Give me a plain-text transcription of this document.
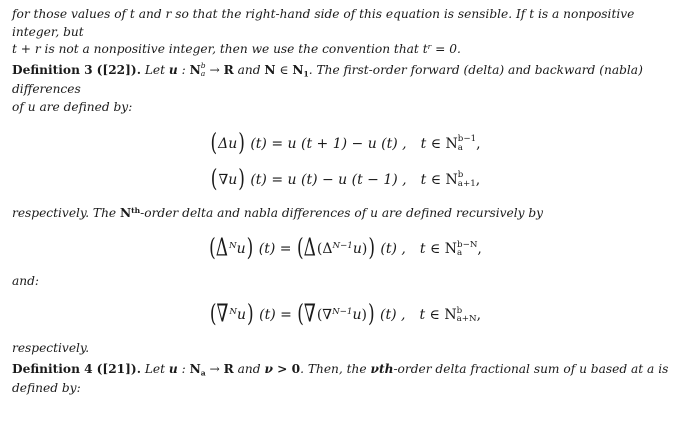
for those values of t and r so that the right-hand side of this equation is sensible. If t is a nonpositive integer, but
t + r is not a nonpositive integer, then we use the convention that $t^r = 0$.

Definition 3 ([22]). Let u : N b
a → R and N ∈ $N_1$. The first-order forward (delta) and backward (nabla) differences
of u are defined by:

(Δu) (t) = u (t + 1) − u (t) , t ∈ N b−1
a ,
(∇u) (t) = u (t) − u (t − 1) , t ∈ N b
a+1 ,

respectively. The $N^{th}$-order delta and nabla differences of u are defined recursively by

$(\Delta^Nu) (t) = (\Delta(\Delta^{N-1}u))$ (t) , t ∈ N b−N
a	,

and:

(∇$^N$u) (t) = (∇(∇$^{N-1}$u)) (t) , t ∈ N b
a+N ,

respectively.

Definition 4 ([21]). Let u : $N_a \to R$ and ν > 0. Then, the νth-order delta fractional sum of u based at a is
defined by:
